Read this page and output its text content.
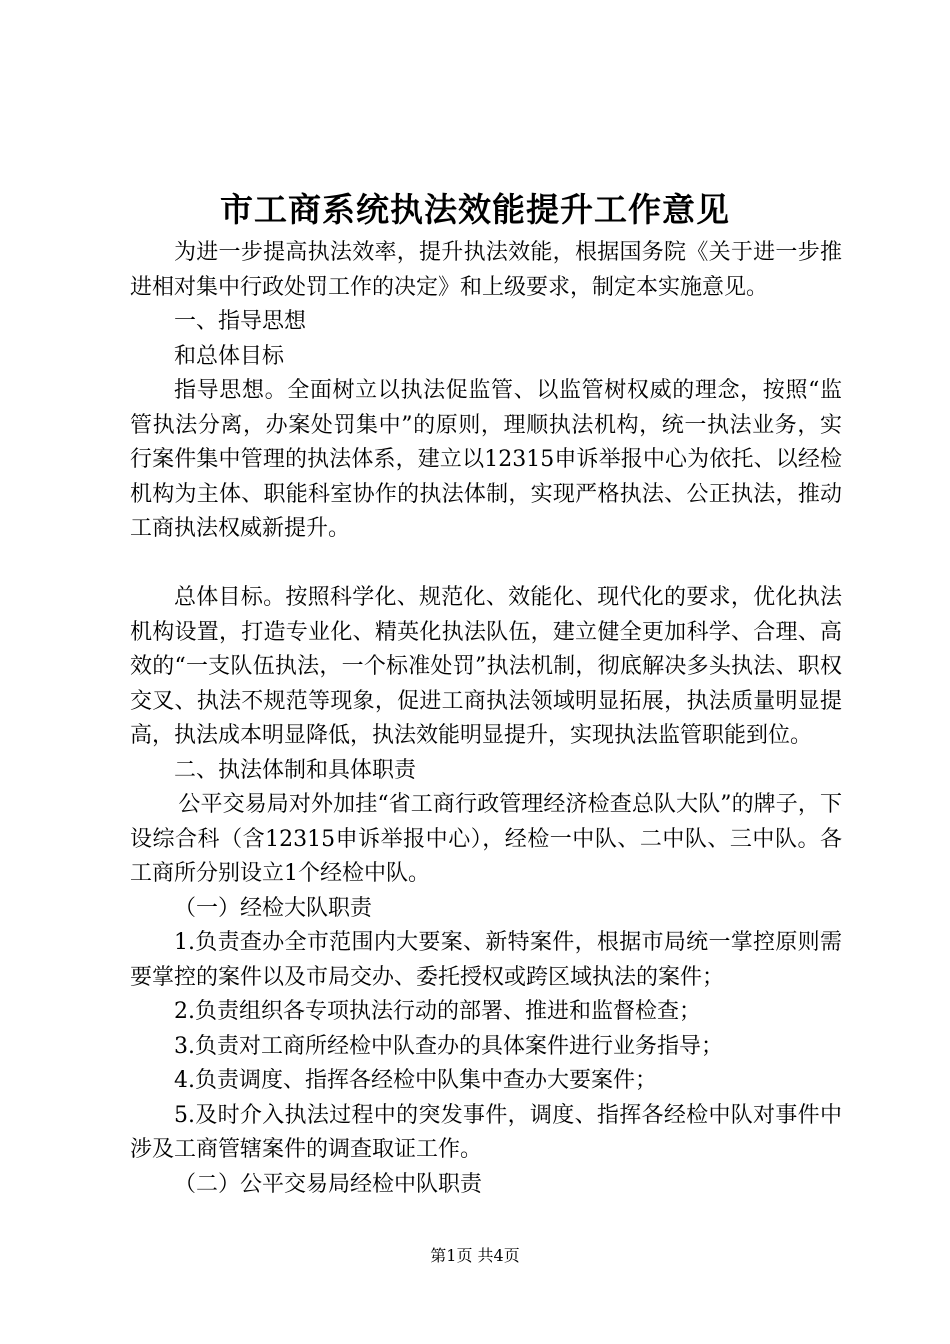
市工商系统执法效能提升工作意见

为进一步提高执法效率，提升执法效能，根据国务院《关于进一步推进相对集中行政处罚工作的决定》和上级要求，制定本实施意见。

一、指导思想

和总体目标

指导思想。全面树立以执法促监管、以监管树权威的理念，按照“监管执法分离，办案处罚集中”的原则，理顺执法机构，统一执法业务，实行案件集中管理的执法体系，建立以12315申诉举报中心为依托、以经检机构为主体、职能科室协作的执法体制，实现严格执法、公正执法，推动工商执法权威新提升。

总体目标。按照科学化、规范化、效能化、现代化的要求，优化执法机构设置，打造专业化、精英化执法队伍，建立健全更加科学、合理、高效的“一支队伍执法，一个标准处罚”执法机制，彻底解决多头执法、职权交叉、执法不规范等现象，促进工商执法领域明显拓展，执法质量明显提高，执法成本明显降低，执法效能明显提升，实现执法监管职能到位。

二、执法体制和具体职责

公平交易局对外加挂“省工商行政管理经济检查总队大队”的牌子，下设综合科（含12315申诉举报中心），经检一中队、二中队、三中队。各工商所分别设立1个经检中队。

（一）经检大队职责

1.负责查办全市范围内大要案、新特案件，根据市局统一掌控原则需要掌控的案件以及市局交办、委托授权或跨区域执法的案件；

2.负责组织各专项执法行动的部署、推进和监督检查；

3.负责对工商所经检中队查办的具体案件进行业务指导；

4.负责调度、指挥各经检中队集中查办大要案件；

5.及时介入执法过程中的突发事件，调度、指挥各经检中队对事件中涉及工商管辖案件的调查取证工作。

（二）公平交易局经检中队职责

第1页 共4页
